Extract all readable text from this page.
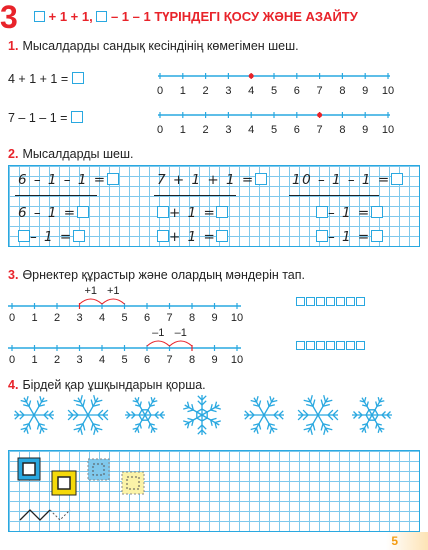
3	+ 1 + 1, – 1 – 1 ТҮРІНДЕГІ ҚОСУ ЖӘНЕ АЗАЙТУ
1. Мысалдарды сандық кесіндінің көмегімен шеш.
4 + 1 + 1 =
7 – 1 – 1 =
0 1 2 3 4 5 6 7 8 9 10
0 1 2 3 4 5 6 7 8 9 10
2. Мысалдарды шеш.
6 – 1 – 1 =
6 – 1 =
– 1 =
7 + 1 + 1 =
+ 1 =
+ 1 =
10 – 1 – 1 =
– 1 =
– 1 =
3. Өрнектер құрастыр және олардың мәндерін тап.
0 1 2 3 4 5 6 7 8 9 10
+1 +1
0 1 2 3 4 5 6 7 8 9 10
–1
–1
4. Бірдей қар ұшқындарын қорша.
5
